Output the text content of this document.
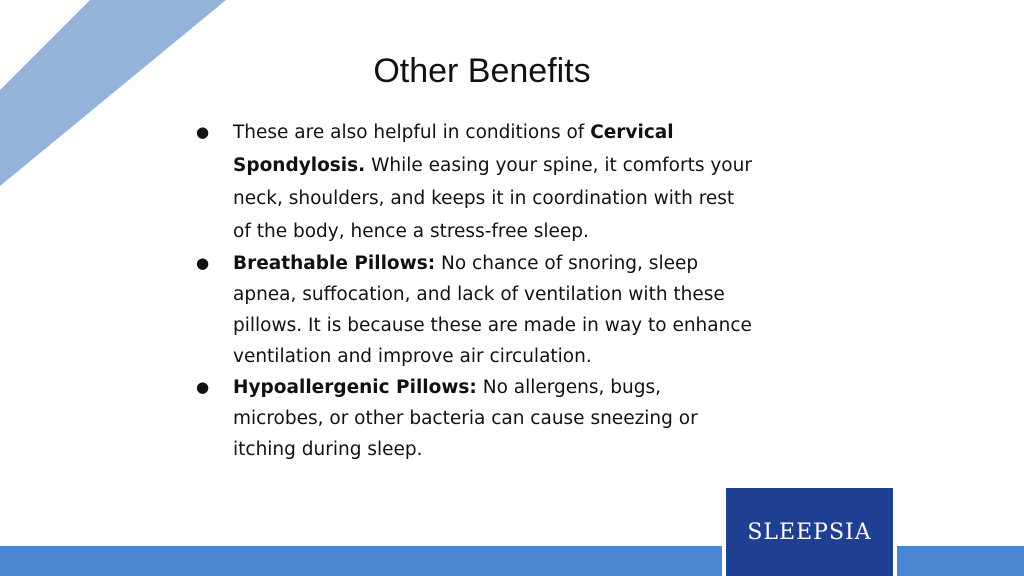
Other Benefits
● These are also helpful in conditions of Cervical Spondylosis. While easing your spine, it comforts your neck, shoulders, and keeps it in coordination with rest of the body, hence a stress-free sleep.
● Breathable Pillows: No chance of snoring, sleep apnea, suffocation, and lack of ventilation with these pillows. It is because these are made in way to enhance ventilation and improve air circulation.
● Hypoallergenic Pillows: No allergens, bugs, microbes, or other bacteria can cause sneezing or itching during sleep.
SLEEPSIA
